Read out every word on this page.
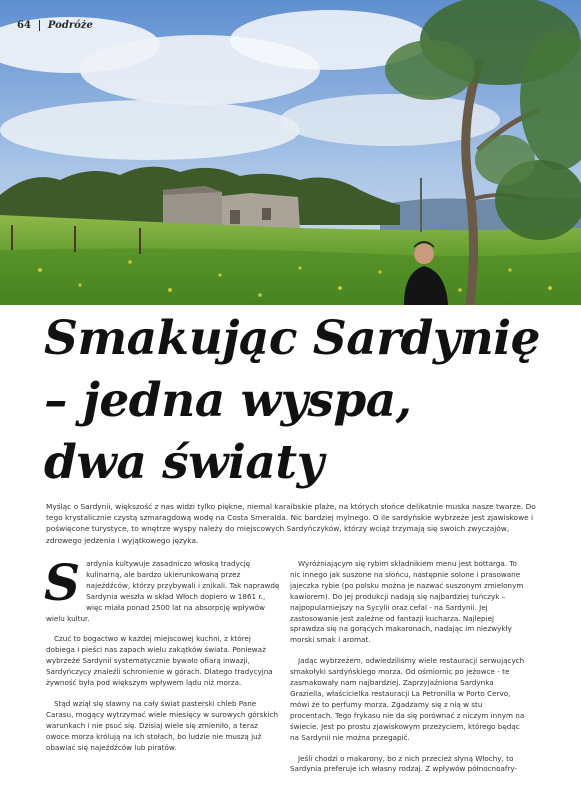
64 Podróże
Smakując Sardynię
– jedna wyspa,
dwa światy

Myśląc o Sardynii, większość z nas widzi tylko piękne, niemal karaibskie plaże, na których słońce delikatnie muska nasze twarze. Do tego krystalicznie czystą szmaragdową wodę na Costa Smeralda. Nic bardziej mylnego. O ile sardyńskie wybrzeże jest zjawiskowe i poświęcone turystyce, to wnętrze wyspy należy do miejscowych Sardyńczyków, którzy wciąż trzymają się swoich zwyczajów, zdrowego jedzenia i wyjątkowego języka.

Sardynia kultywuje zasadniczo włoską tradycję kulinarną, ale bardzo ukierunkowaną przez najeźdźców, którzy przybywali i znikali. Tak naprawdę Sardynia weszła w skład Włoch dopiero w 1861 r., więc miała ponad 2500 lat na absorpcję wpływów wielu kultur.

Czuć to bogactwo w każdej miejscowej kuchni, z której dobiega i pieści nas zapach wielu zakątków świata. Ponieważ wybrzeże Sardynii systematycznie bywało ofiarą inwazji, Sardyńczycy znaleźli schronienie w górach. Dlatego tradycyjna żywność była pod większym wpływem lądu niż morza.

Stąd wziął się sławny na cały świat pasterski chleb Pane Carasu, mogący wytrzymać wiele miesięcy w surowych górskich warunkach i nie psuć się. Dzisiaj wiele się zmieniło, a teraz owoce morza królują na ich stołach, bo ludzie nie muszą już obawiać się najeźdźców lub piratów.

Wyróżniającym się rybim składnikiem menu jest bottarga. To nic innego jak suszone na słońcu, następnie solone i prasowane jajeczka rybie (po polsku można je nazwać suszonym zmielonym kawiorem). Do jej produkcji nadają się najbardziej tuńczyk – najpopularniejszy na Sycylii oraz cefal - na Sardynii. Jej zastosowanie jest zależne od fantazji kucharza. Najlepiej sprawdza się na gorących makaronach, nadając im niezwykły morski smak i aromat.

Jadąc wybrzeżem, odwiedziliśmy wiele restauracji serwujących smakołyki sardyńskiego morza. Od ośmiornic po jeżowce - te zasmakowały nam najbardziej. Zaprzyjaźniona Sardynka Graziella, właścicielka restauracji La Petronilla w Porto Cervo, mówi że to perfumy morza. Zgadzamy się z nią w stu procentach. Tego frykasu nie da się porównać z niczym innym na świecie. Jest po prostu zjawiskowym przeżyciem, którego będąc na Sardynii nie można przegapić.

Jeśli chodzi o makarony, bo z nich przecież słyną Włochy, to Sardynia preferuje ich własny rodzaj. Z wpływów północnoafry-
